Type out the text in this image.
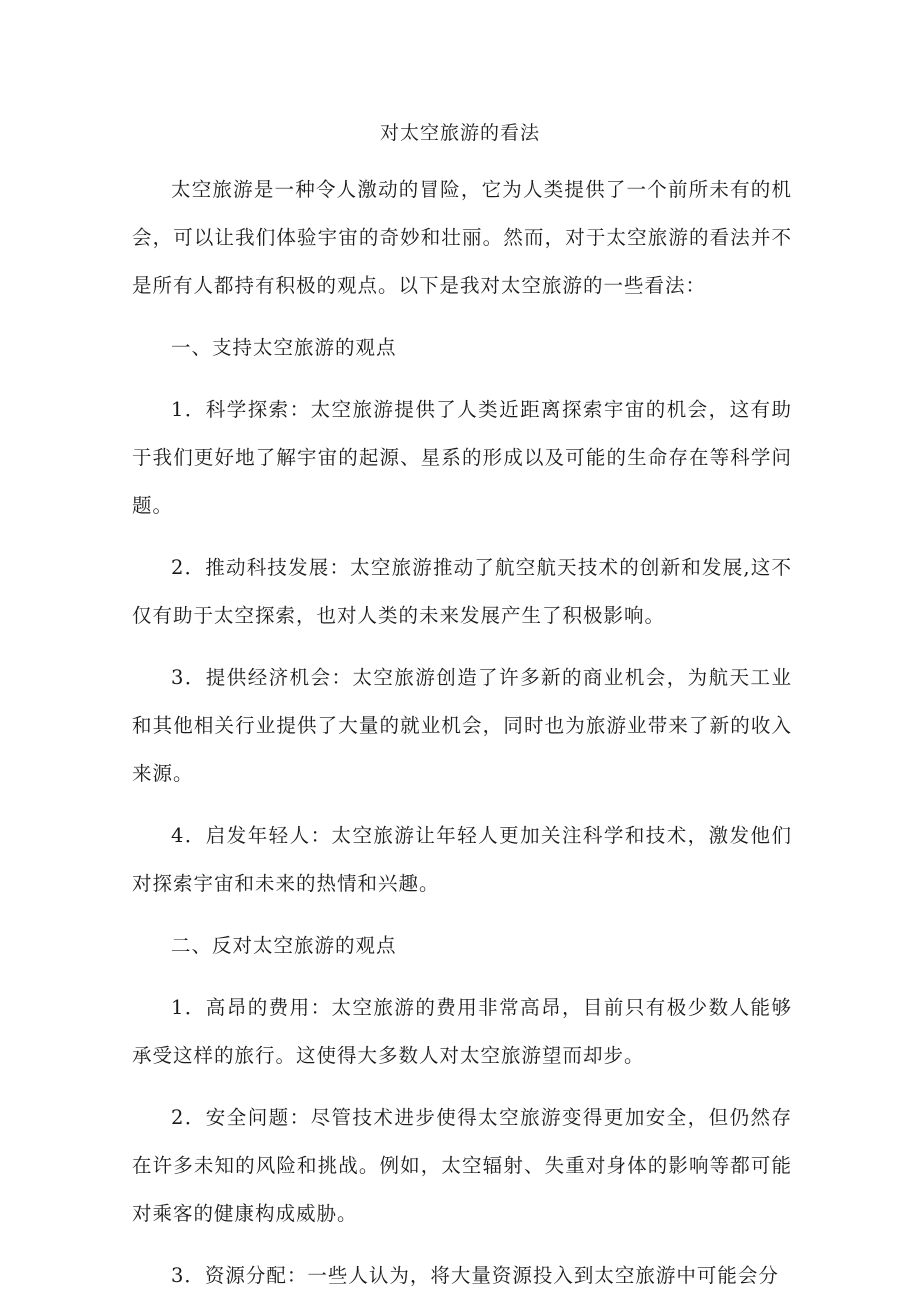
对太空旅游的看法

太空旅游是一种令人激动的冒险，它为人类提供了一个前所未有的机会，可以让我们体验宇宙的奇妙和壮丽。然而，对于太空旅游的看法并不是所有人都持有积极的观点。以下是我对太空旅游的一些看法：

一、支持太空旅游的观点

1．科学探索：太空旅游提供了人类近距离探索宇宙的机会，这有助于我们更好地了解宇宙的起源、星系的形成以及可能的生命存在等科学问题。

2．推动科技发展：太空旅游推动了航空航天技术的创新和发展,这不仅有助于太空探索，也对人类的未来发展产生了积极影响。

3．提供经济机会：太空旅游创造了许多新的商业机会，为航天工业和其他相关行业提供了大量的就业机会，同时也为旅游业带来了新的收入来源。

4．启发年轻人：太空旅游让年轻人更加关注科学和技术，激发他们对探索宇宙和未来的热情和兴趣。

二、反对太空旅游的观点

1．高昂的费用：太空旅游的费用非常高昂，目前只有极少数人能够承受这样的旅行。这使得大多数人对太空旅游望而却步。

2．安全问题：尽管技术进步使得太空旅游变得更加安全，但仍然存在许多未知的风险和挑战。例如，太空辐射、失重对身体的影响等都可能对乘客的健康构成威胁。

3．资源分配：一些人认为，将大量资源投入到太空旅游中可能会分
